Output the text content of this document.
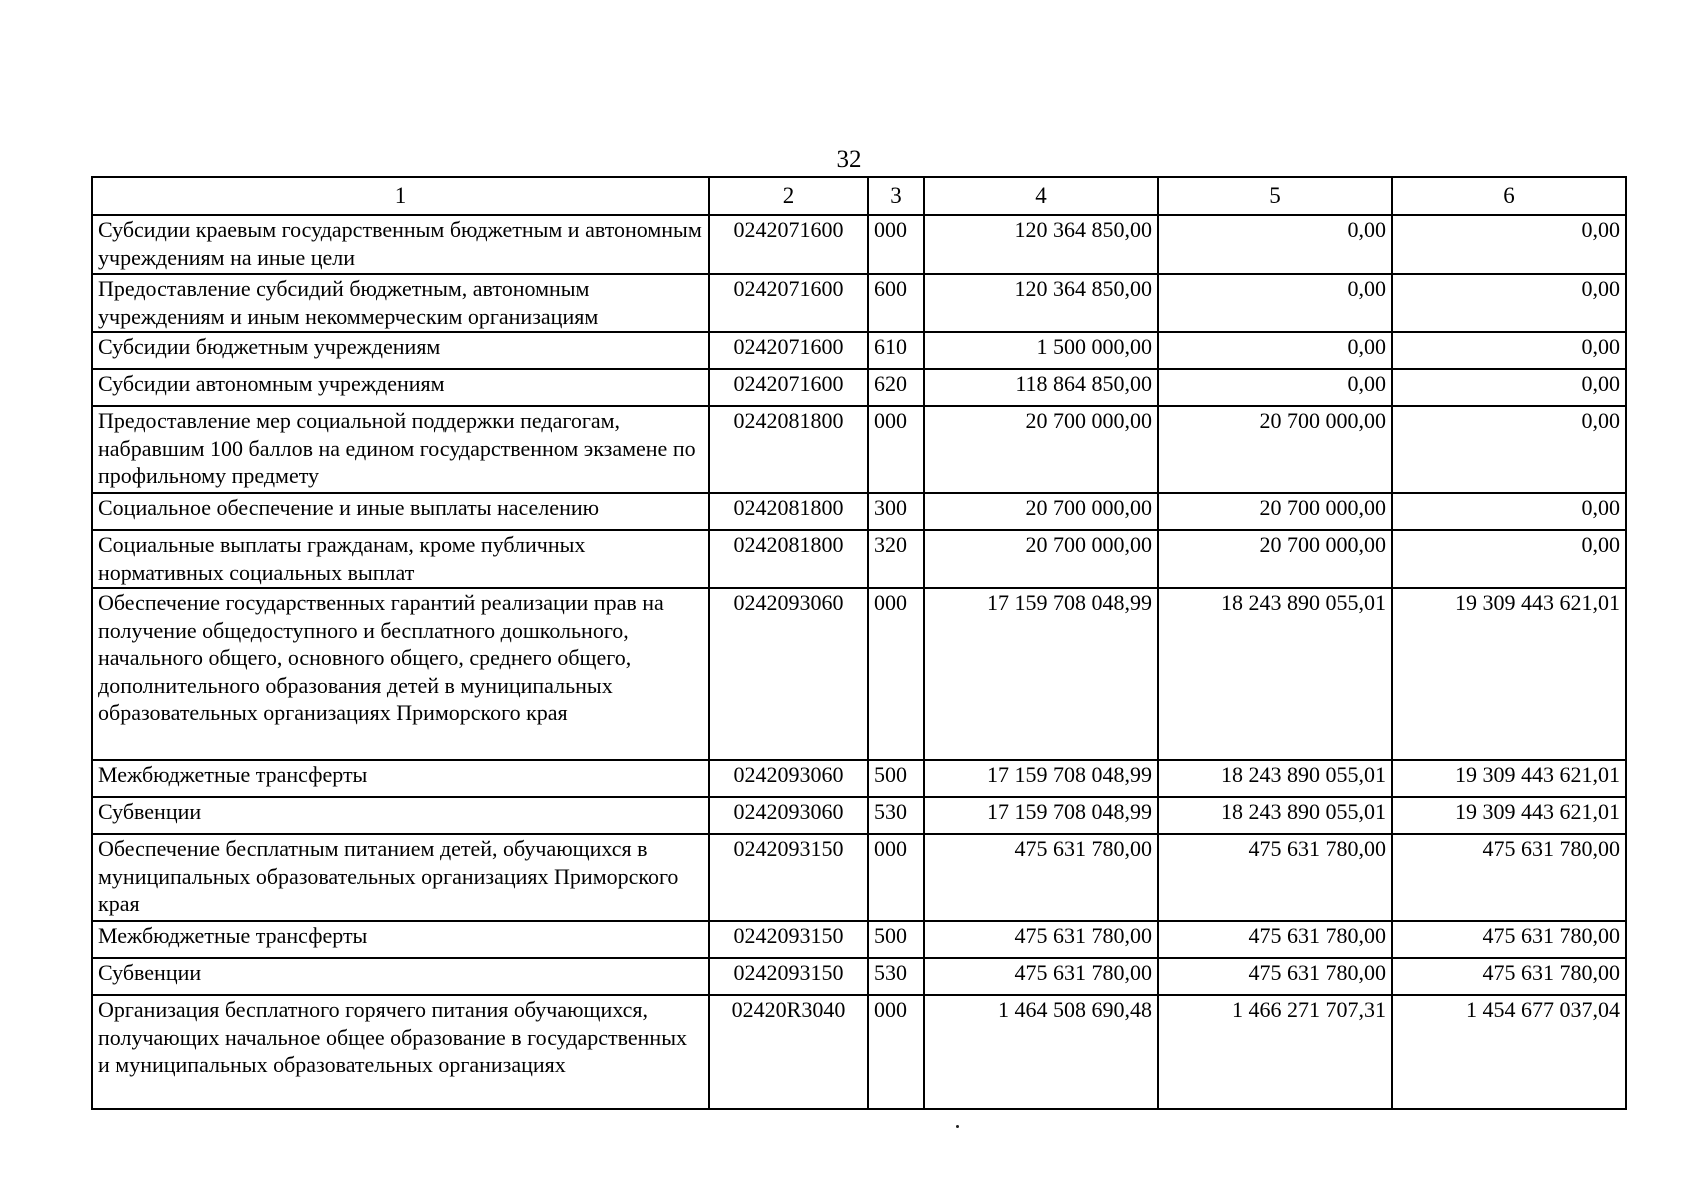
32
1	2	3	4	5	6
Субсидии краевым государственным бюджетным и автономным учреждениям на иные цели	0242071600	000	120 364 850,00	0,00	0,00
Предоставление субсидий бюджетным, автономным учреждениям и иным некоммерческим организациям	0242071600	600	120 364 850,00	0,00	0,00
Субсидии бюджетным учреждениям	0242071600	610	1 500 000,00	0,00	0,00
Субсидии автономным учреждениям	0242071600	620	118 864 850,00	0,00	0,00
Предоставление мер социальной поддержки педагогам, набравшим 100 баллов на едином государственном экзамене по профильному предмету	0242081800	000	20 700 000,00	20 700 000,00	0,00
Социальное обеспечение и иные выплаты населению	0242081800	300	20 700 000,00	20 700 000,00	0,00
Социальные выплаты гражданам, кроме публичных нормативных социальных выплат	0242081800	320	20 700 000,00	20 700 000,00	0,00
Обеспечение государственных гарантий реализации прав на получение общедоступного и бесплатного дошкольного, начального общего, основного общего, среднего общего, дополнительного образования детей в муниципальных образовательных организациях Приморского края	0242093060	000	17 159 708 048,99	18 243 890 055,01	19 309 443 621,01
Межбюджетные трансферты	0242093060	500	17 159 708 048,99	18 243 890 055,01	19 309 443 621,01
Субвенции	0242093060	530	17 159 708 048,99	18 243 890 055,01	19 309 443 621,01
Обеспечение бесплатным питанием детей, обучающихся в муниципальных образовательных организациях Приморского края	0242093150	000	475 631 780,00	475 631 780,00	475 631 780,00
Межбюджетные трансферты	0242093150	500	475 631 780,00	475 631 780,00	475 631 780,00
Субвенции	0242093150	530	475 631 780,00	475 631 780,00	475 631 780,00
Организация бесплатного горячего питания обучающихся, получающих начальное общее образование в государственных и муниципальных образовательных организациях	02420R3040	000	1 464 508 690,48	1 466 271 707,31	1 454 677 037,04
